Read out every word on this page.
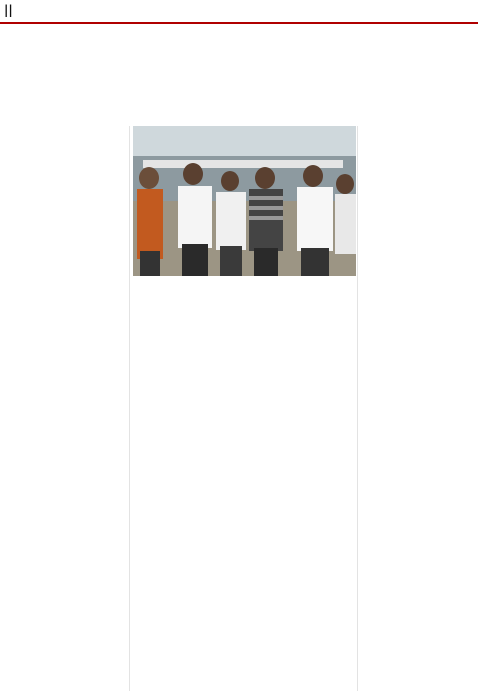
||
